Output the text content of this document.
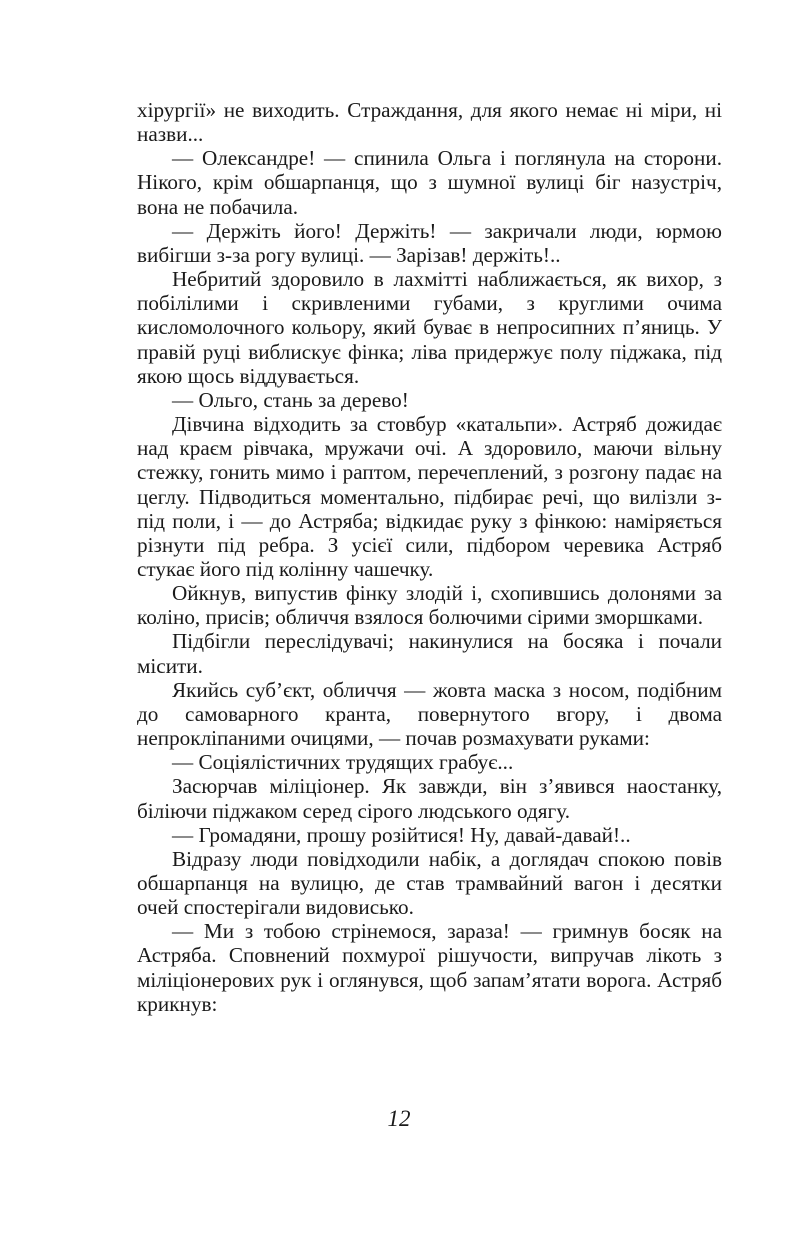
хірургії» не виходить. Страждання, для якого немає ні міри, ні назви...

— Олександре! — спинила Ольга і поглянула на сторони. Нікого, крім обшарпанця, що з шумної вулиці біг назустріч, вона не побачила.

— Держіть його! Держіть! — закричали люди, юрмою вибігши з-за рогу вулиці. — Зарізав! держіть!..

Небритий здоровило в лахмітті наближається, як вихор, з побілілими і скривленими губами, з круглими очима кисломолочного кольору, який буває в непросипних п’яниць. У правій руці виблискує фінка; ліва придержує полу піджака, під якою щось віддувається.

— Ольго, стань за дерево!

Дівчина відходить за стовбур «катальпи». Астряб дожидає над краєм рівчака, мружачи очі. А здоровило, маючи вільну стежку, гонить мимо і раптом, перечеплений, з розгону падає на цеглу. Підводиться моментально, підбирає речі, що вилізли з-під поли, і — до Астряба; відкидає руку з фінкою: наміряється різнути під ребра. З усієї сили, підбором черевика Астряб стукає його під колінну чашечку.

Ойкнув, випустив фінку злодій і, схопившись долонями за коліно, присів; обличчя взялося болючими сірими зморшками.

Підбігли переслідувачі; накинулися на босяка і почали місити.

Якийсь суб’єкт, обличчя — жовта маска з носом, подібним до самоварного кранта, повернутого вгору, і двома непрокліпаними очицями, — почав розмахувати руками:

— Соціялістичних трудящих грабує...

Засюрчав міліціонер. Як завжди, він з’явився наостанку, біліючи піджаком серед сірого людського одягу.

— Громадяни, прошу розійтися! Ну, давай-давай!..

Відразу люди повідходили набік, а доглядач спокою повів обшарпанця на вулицю, де став трамвайний вагон і десятки очей спостерігали видовисько.

— Ми з тобою стрінемося, зараза! — гримнув босяк на Астряба. Сповнений похмурої рішучости, випручав лікоть з міліціонерових рук і оглянувся, щоб запам’ятати ворога. Астряб крикнув:

12
